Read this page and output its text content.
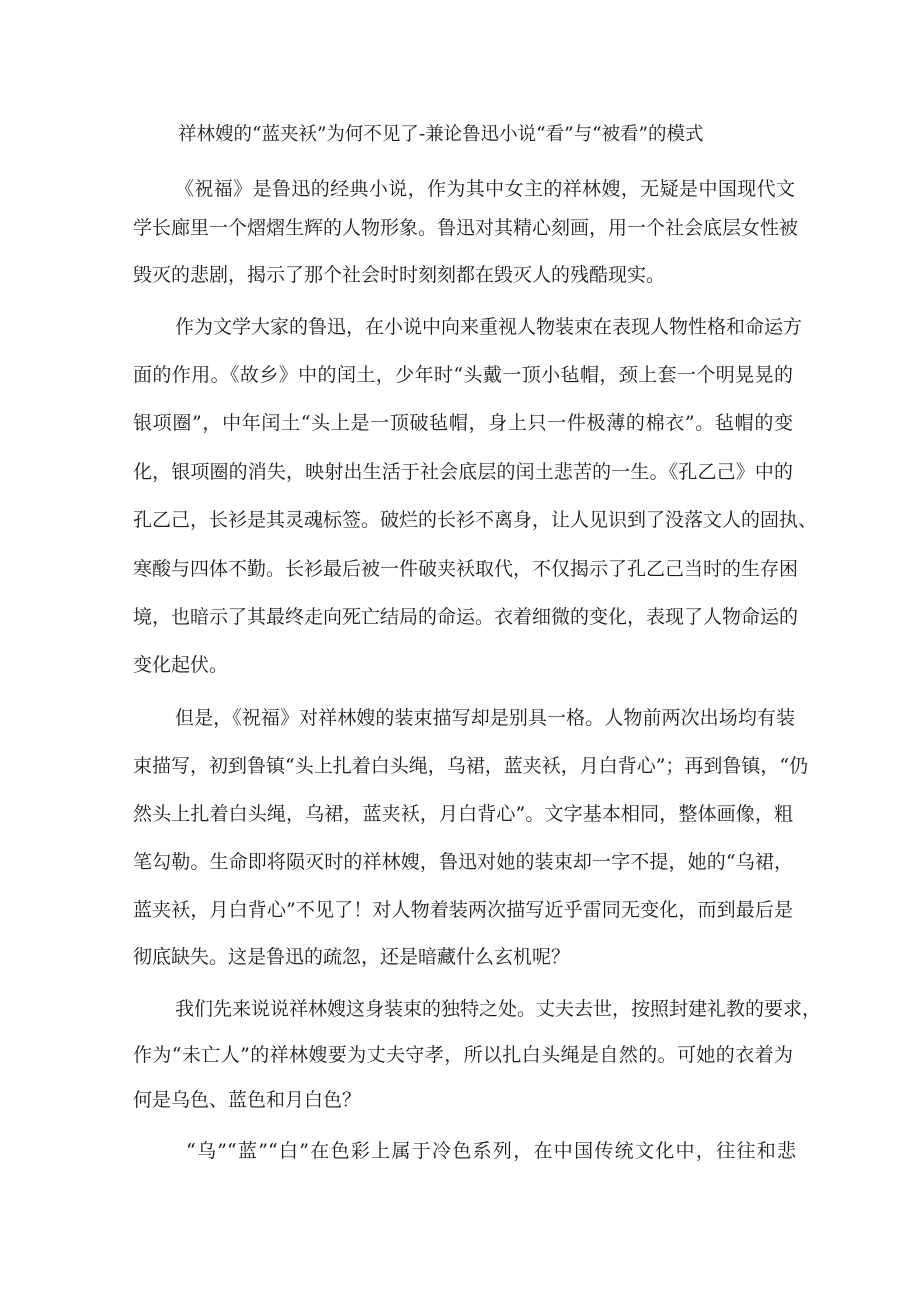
祥林嫂的“蓝夹袄”为何不见了-兼论鲁迅小说“看”与“被看”的模式

《祝福》是鲁迅的经典小说，作为其中女主的祥林嫂，无疑是中国现代文

学长廊里一个熠熠生辉的人物形象。鲁迅对其精心刻画，用一个社会底层女性被

毁灭的悲剧，揭示了那个社会时时刻刻都在毁灭人的残酷现实。

作为文学大家的鲁迅，在小说中向来重视人物装束在表现人物性格和命运方

面的作用。《故乡》中的闰土，少年时“头戴一顶小毡帽，颈上套一个明晃晃的

银项圈”，中年闰土“头上是一顶破毡帽，身上只一件极薄的棉衣”。毡帽的变

化，银项圈的消失，映射出生活于社会底层的闰土悲苦的一生。《孔乙己》中的

孔乙己，长衫是其灵魂标签。破烂的长衫不离身，让人见识到了没落文人的固执、

寒酸与四体不勤。长衫最后被一件破夹袄取代，不仅揭示了孔乙己当时的生存困

境，也暗示了其最终走向死亡结局的命运。衣着细微的变化，表现了人物命运的

变化起伏。

但是，《祝福》对祥林嫂的装束描写却是别具一格。人物前两次出场均有装

束描写，初到鲁镇“头上扎着白头绳，乌裙，蓝夹袄，月白背心”；再到鲁镇，“仍

然头上扎着白头绳，乌裙，蓝夹袄，月白背心”。文字基本相同，整体画像，粗

笔勾勒。生命即将陨灭时的祥林嫂，鲁迅对她的装束却一字不提，她的“乌裙，

蓝夹袄，月白背心”不见了！对人物着装两次描写近乎雷同无变化，而到最后是

彻底缺失。这是鲁迅的疏忽，还是暗藏什么玄机呢？

我们先来说说祥林嫂这身装束的独特之处。丈夫去世，按照封建礼教的要求，

作为“未亡人”的祥林嫂要为丈夫守孝，所以扎白头绳是自然的。可她的衣着为

何是乌色、蓝色和月白色？

“乌”“蓝”“白”在色彩上属于冷色系列，在中国传统文化中，往往和悲
